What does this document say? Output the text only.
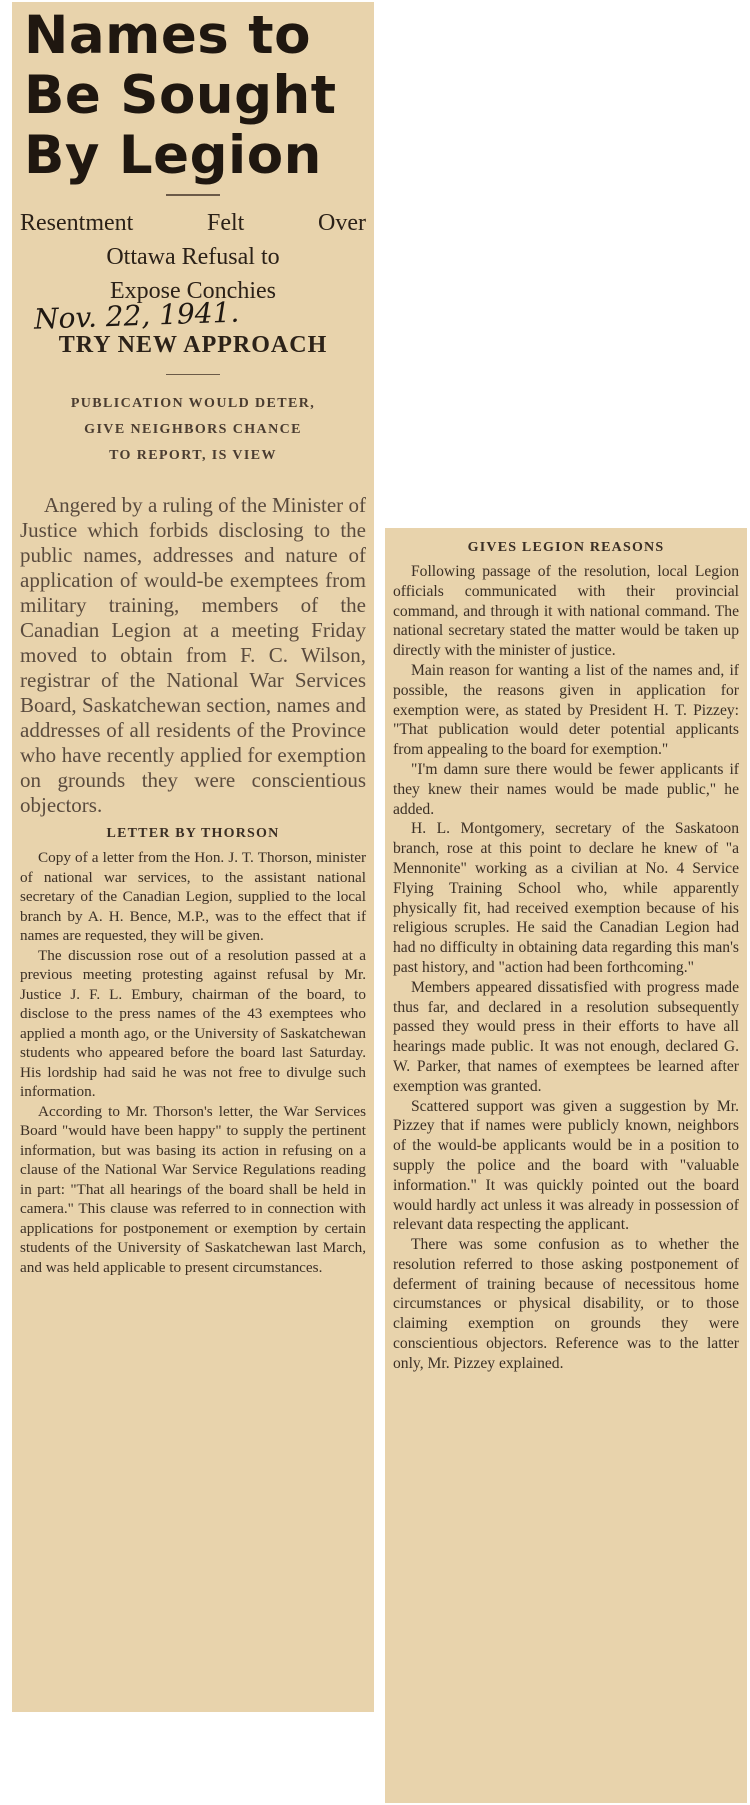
Names to
Be Sought
By Legion
Resentment Felt Over
Ottawa Refusal to
Expose Conchies
Nov. 22, 1941.
TRY NEW APPROACH
PUBLICATION WOULD DETER,
GIVE NEIGHBORS CHANCE
TO REPORT, IS VIEW

Angered by a ruling of the Minister of Justice which forbids disclosing to the public names, addresses and nature of application of would-be exemptees from military training, members of the Canadian Legion at a meeting Friday moved to obtain from F. C. Wilson, registrar of the National War Services Board, Saskatchewan section, names and addresses of all residents of the Province who have recently applied for exemption on grounds they were conscientious objectors.

LETTER BY THORSON

Copy of a letter from the Hon. J. T. Thorson, minister of national war services, to the assistant national secretary of the Canadian Legion, supplied to the local branch by A. H. Bence, M.P., was to the effect that if names are requested, they will be given.

The discussion rose out of a resolution passed at a previous meeting protesting against refusal by Mr. Justice J. F. L. Embury, chairman of the board, to disclose to the press names of the 43 exemptees who applied a month ago, or the University of Saskatchewan students who appeared before the board last Saturday. His lordship had said he was not free to divulge such information.

According to Mr. Thorson's letter, the War Services Board "would have been happy" to supply the pertinent information, but was basing its action in refusing on a clause of the National War Service Regulations reading in part: "That all hearings of the board shall be held in camera." This clause was referred to in connection with applications for postponement or exemption by certain students of the University of Saskatchewan last March, and was held applicable to present circumstances.

GIVES LEGION REASONS

Following passage of the resolution, local Legion officials communicated with their provincial command, and through it with national command. The national secretary stated the matter would be taken up directly with the minister of justice.

Main reason for wanting a list of the names and, if possible, the reasons given in application for exemption were, as stated by President H. T. Pizzey: "That publication would deter potential applicants from appealing to the board for exemption."

"I'm damn sure there would be fewer applicants if they knew their names would be made public," he added.

H. L. Montgomery, secretary of the Saskatoon branch, rose at this point to declare he knew of "a Mennonite" working as a civilian at No. 4 Service Flying Training School who, while apparently physically fit, had received exemption because of his religious scruples. He said the Canadian Legion had had no difficulty in obtaining data regarding this man's past history, and "action had been forthcoming."

Members appeared dissatisfied with progress made thus far, and declared in a resolution subsequently passed they would press in their efforts to have all hearings made public. It was not enough, declared G. W. Parker, that names of exemptees be learned after exemption was granted.

Scattered support was given a suggestion by Mr. Pizzey that if names were publicly known, neighbors of the would-be applicants would be in a position to supply the police and the board with "valuable information." It was quickly pointed out the board would hardly act unless it was already in possession of relevant data respecting the applicant.

There was some confusion as to whether the resolution referred to those asking postponement of deferment of training because of necessitous home circumstances or physical disability, or to those claiming exemption on grounds they were conscientious objectors. Reference was to the latter only, Mr. Pizzey explained.
